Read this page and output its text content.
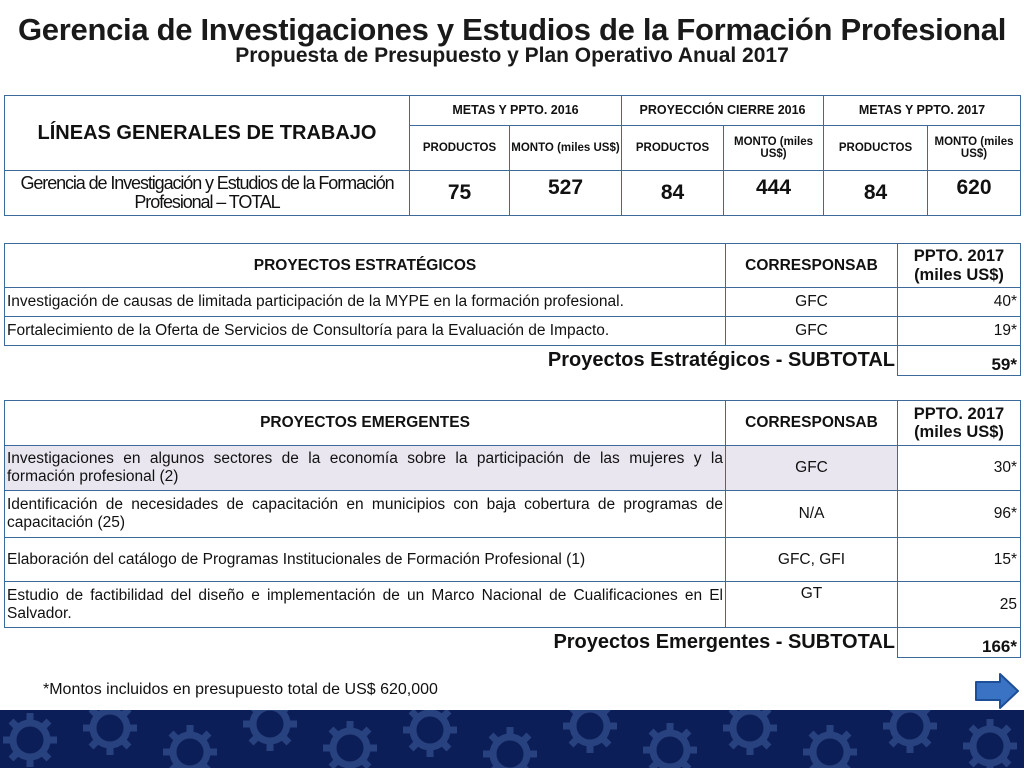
Gerencia de Investigaciones y Estudios de la Formación Profesional
Propuesta de Presupuesto y Plan Operativo Anual 2017
LÍNEAS GENERALES DE TRABAJO	METAS Y PPTO. 2016		PROYECCIÓN CIERRE 2016		METAS Y PPTO. 2017	
	PRODUCTOS	MONTO (miles US$)	PRODUCTOS	MONTO (miles US$)	PRODUCTOS	MONTO (miles US$)
Gerencia de Investigación y Estudios de la Formación Profesional – TOTAL	75	527	84	444	84	620
PROYECTOS ESTRATÉGICOS	CORRESPONSAB	PPTO. 2017 (miles US$)
Investigación de causas de limitada participación de la MYPE en la formación profesional.	GFC	40*
Fortalecimiento de la Oferta de Servicios de Consultoría para la Evaluación de Impacto.	GFC	19*
Proyectos Estratégicos - SUBTOTAL		59*
PROYECTOS EMERGENTES	CORRESPONSAB	PPTO. 2017 (miles US$)
Investigaciones en algunos sectores de la economía sobre la participación de las mujeres y la formación profesional (2)	GFC	30*
Identificación de necesidades de capacitación en municipios con baja cobertura de programas de capacitación (25)	N/A	96*
Elaboración del catálogo de Programas Institucionales de Formación Profesional (1)	GFC, GFI	15*
Estudio de factibilidad del diseño e implementación de un Marco Nacional de Cualificaciones en El Salvador.	GT	25
Proyectos Emergentes - SUBTOTAL		166*
*Montos incluidos en presupuesto total de US$ 620,000
